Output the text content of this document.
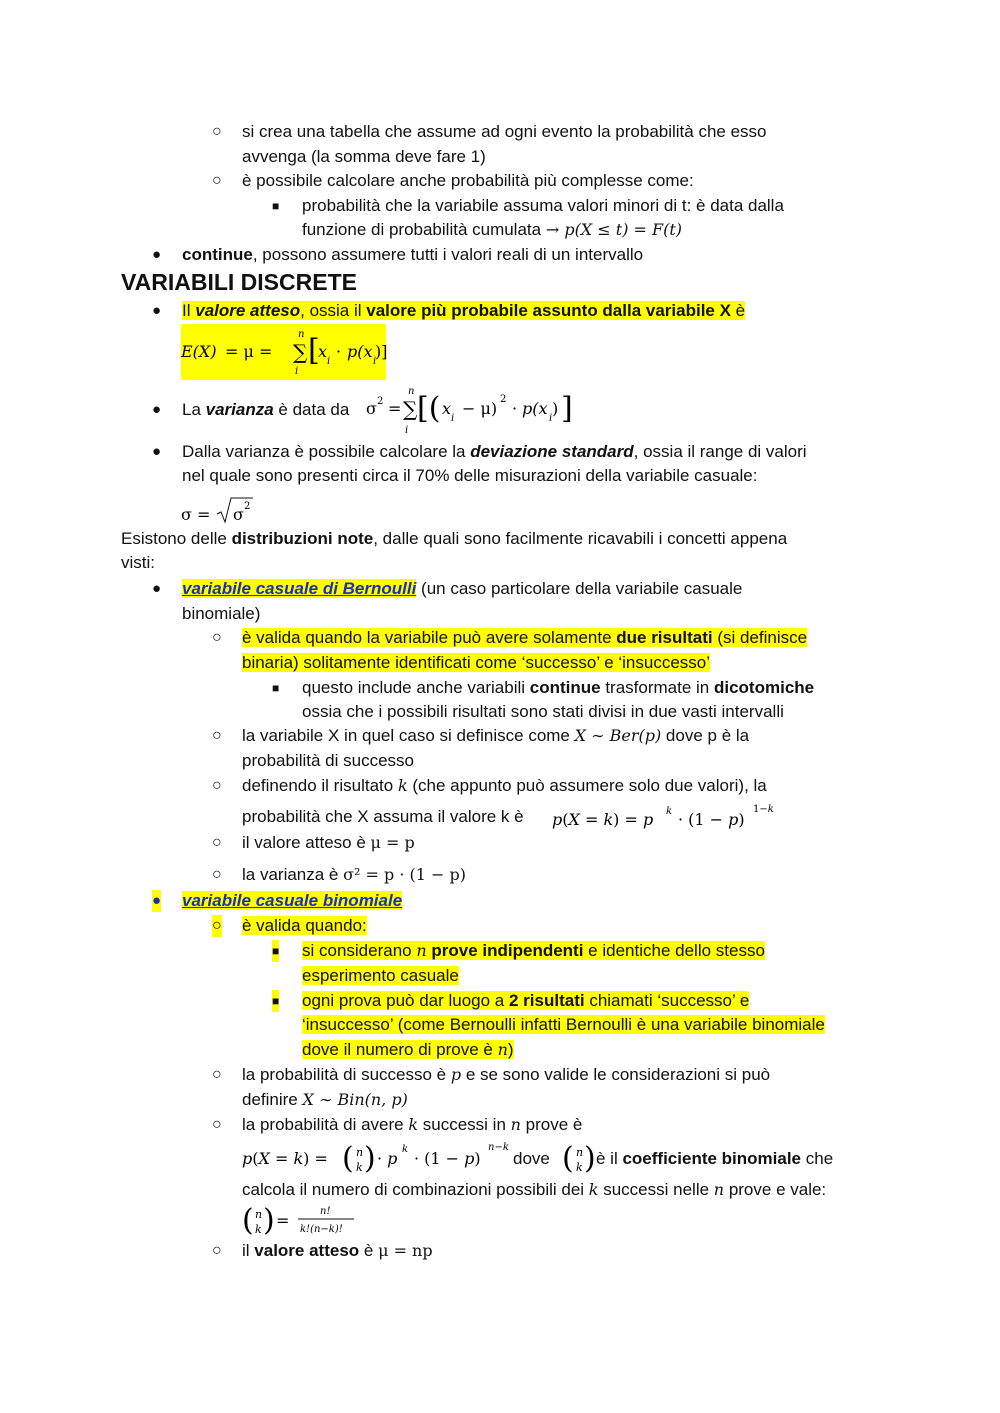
○ si crea una tabella che assume ad ogni evento la probabilità che esso
avvenga (la somma deve fare 1)
○ è possibile calcolare anche probabilità più complesse come:
■ probabilità che la variabile assuma valori minori di t: è data dalla
funzione di probabilità cumulata → p(X ≤ t) = F(t)
● continue, possono assumere tutti i valori reali di un intervallo
VARIABILI DISCRETE
● Il valore atteso, ossia il valore più probabile assunto dalla variabile X è
E(X) = μ =
n
∑
i
[
x
i
· p(x
i
)]
● La varianza è data da σ 2 =
n
∑
i
[( x
i
− μ) 2 · p(x
i
) ]
● Dalla varianza è possibile calcolare la deviazione standard, ossia il range di valori
nel quale sono presenti circa il 70% delle misurazioni della variabile casuale:
σ = σ 2
Esistono delle distribuzioni note, dalle quali sono facilmente ricavabili i concetti appena
visti:
● variabile casuale di Bernoulli (un caso particolare della variabile casuale
binomiale)
○ è valida quando la variabile può avere solamente due risultati (si definisce
binaria) solitamente identificati come ‘successo’ e ‘insuccesso’
■ questo include anche variabili continue trasformate in dicotomiche
ossia che i possibili risultati sono stati divisi in due vasti intervalli
○ la variabile X in quel caso si definisce come X ∼ Ber(p) dove p è la
probabilità di successo
○ definendo il risultato k (che appunto può assumere solo due valori), la
probabilità che X assuma il valore k è p(X = k) = p k · (1 − p)
1−k
○ il valore atteso è μ = p
○ la varianza è σ² = p · (1 − p)
● variabile casuale binomiale
○ è valida quando:
■ si considerano n prove indipendenti e identiche dello stesso
esperimento casuale
■ ogni prova può dar luogo a 2 risultati chiamati ‘successo’ e
‘insuccesso’ (come Bernoulli infatti Bernoulli è una variabile binomiale
dove il numero di prove è n)
○ la probabilità di successo è p e se sono valide le considerazioni si può
definire X ∼ Bin(n, p)
○ la probabilità di avere k successi in n prove è
p(X = k) = ( n
k ) · p k · (1 − p)
n−k
dove ( n
k ) è il coefficiente binomiale che
calcola il numero di combinazioni possibili dei k successi nelle n prove e vale:
( n
k ) =	n!
k!(n−k)!
○ il valore atteso è μ = np
